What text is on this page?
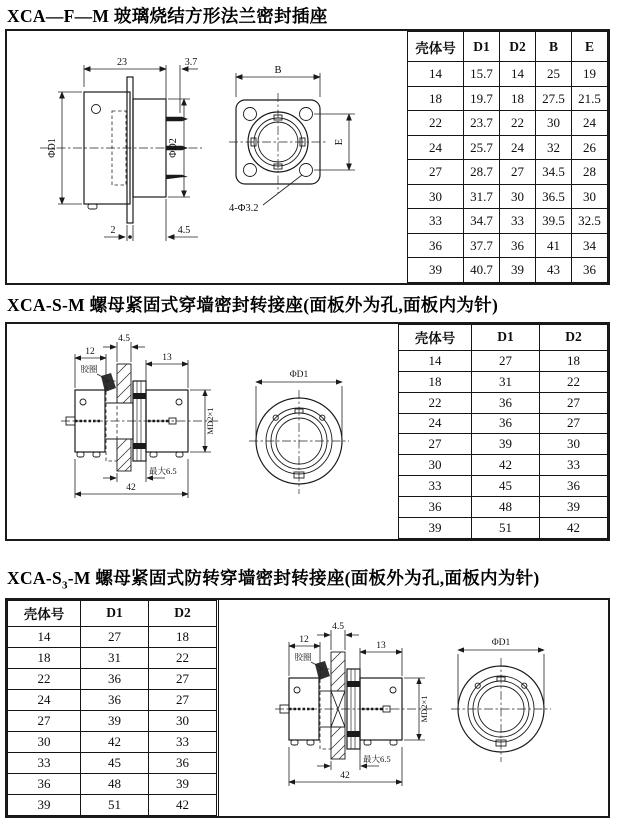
XCA—F—M 玻璃烧结方形法兰密封插座
23	3.7
ΦD1	ΦD2
2	4.5
B
E
4-Φ3.2
壳体号	D1	D2	B	E
14	15.7	14	25	19
18	19.7	18	27.5	21.5
22	23.7	22	30	24
24	25.7	24	32	26
27	28.7	27	34.5	28
30	31.7	30	36.5	30
33	34.7	33	39.5	32.5
36	37.7	36	41	34
39	40.7	39	43	36
XCA-S-M 螺母紧固式穿墙密封转接座(面板外为孔,面板内为针)
12
胶圈
4.5
13
MD2×1
最大6.5
42
ΦD1
壳体号	D1	D2
14	27	18
18	31	22
22	36	27
24	36	27
27	39	30
30	42	33
33	45	36
36	48	39
39	51	42
XCA-$S_3-M$ 螺母紧固式防转穿墙密封转接座(面板外为孔,面板内为针)
壳体号	D1	D2
14	27	18
18	31	22
22	36	27
24	36	27
27	39	30
30	42	33
33	45	36
36	48	39
39	51	42
12
胶圈
4.5
13
MD2×1
最大6.5
42
ΦD1
